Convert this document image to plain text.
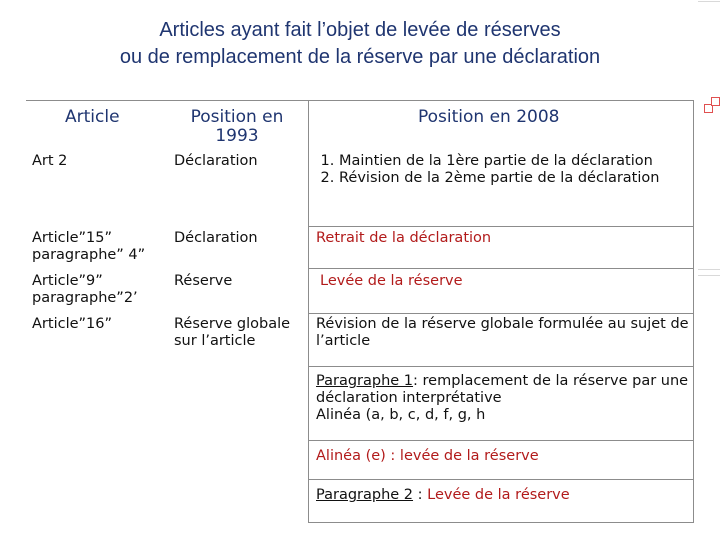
Articles ayant fait l’objet de levée de réserves
ou de remplacement de la réserve par une déclaration
Article	Position en 1993
Position en 2008
Art 2	Déclaration
1.	Maintien de la 1ère partie de la déclaration
2. Révision de la 2ème partie de la déclaration
Article”15” paragraphe” 4”
Déclaration	Retrait de la déclaration
Article”9” paragraphe”2’
Réserve	Levée de la réserve
Article”16”	Réserve globale sur l’article
Révision de la réserve globale formulée au sujet de l’article
Paragraphe 1: remplacement de la réserve par une déclaration interprétative
Alinéa (a, b, c, d, f, g, h
Alinéa (e) : levée de la réserve
Paragraphe 2 : Levée de la réserve
